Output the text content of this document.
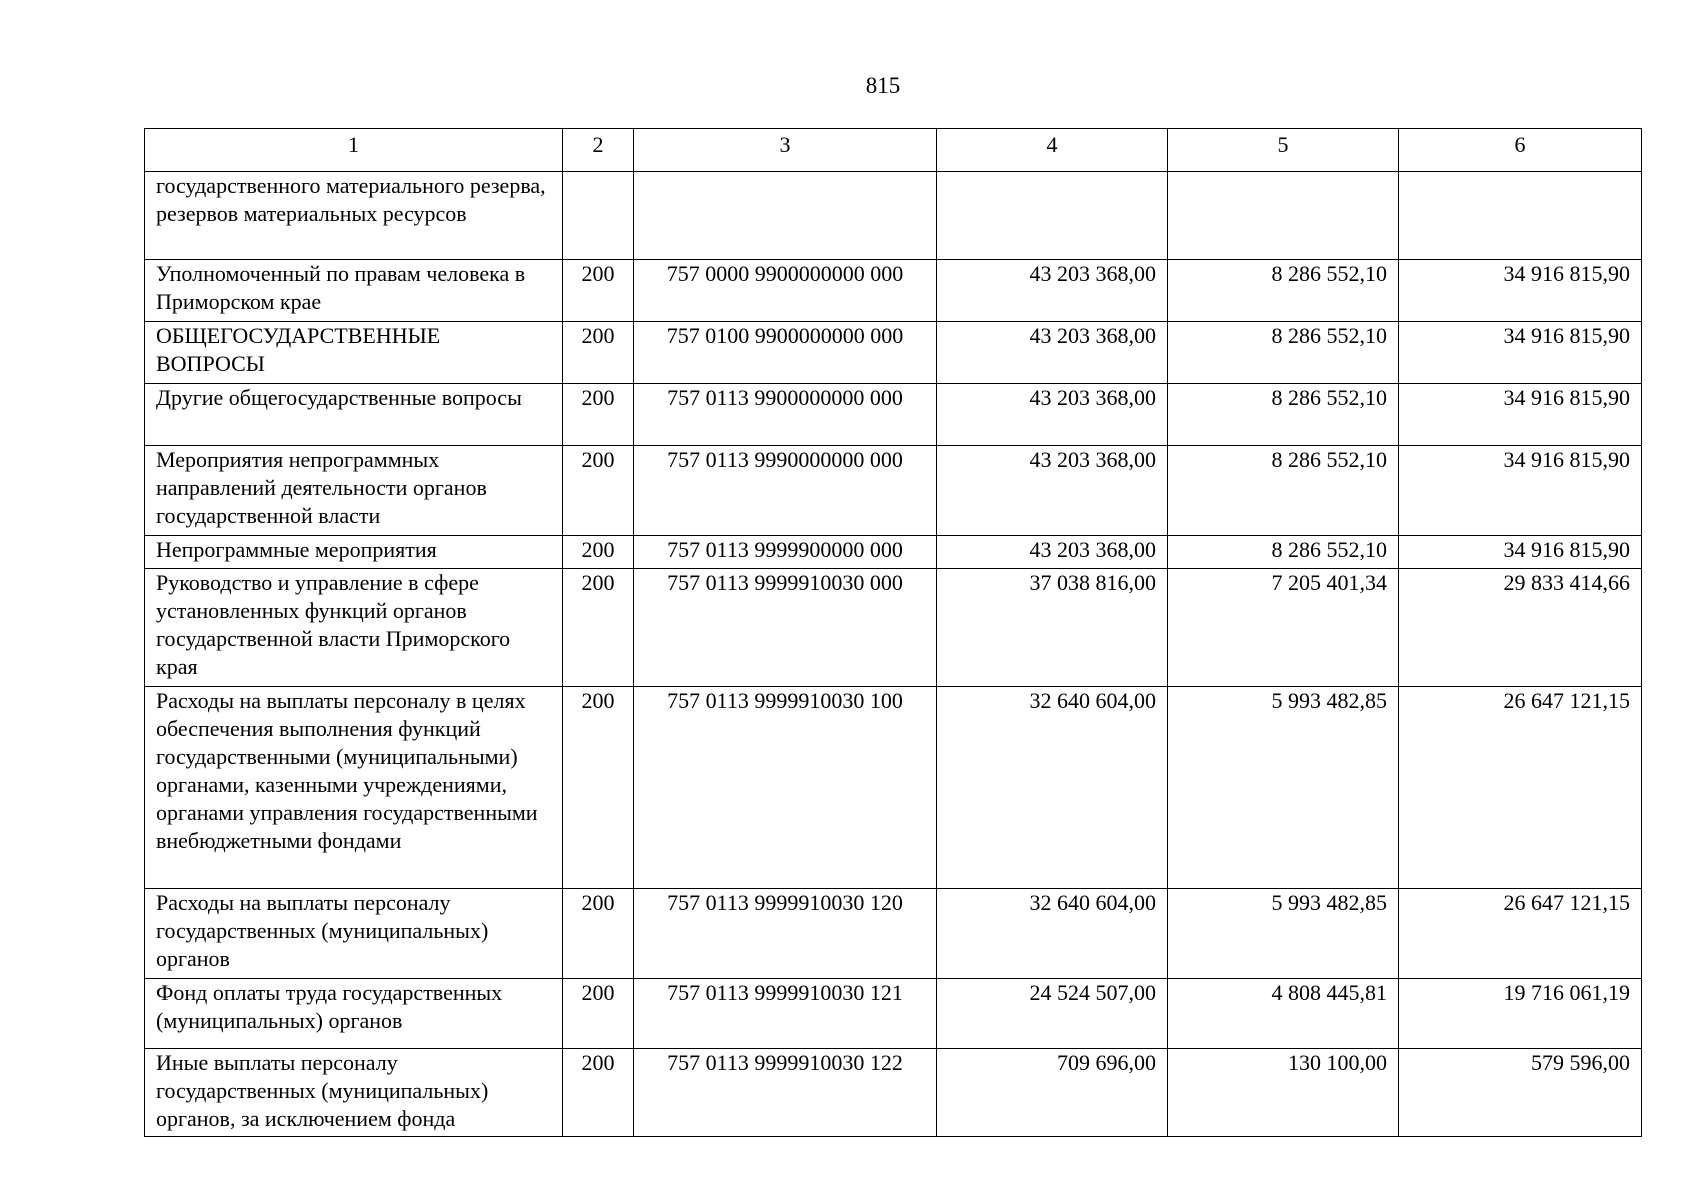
815
1	2	3	4	5	6
государственного материального резерва, резервов материальных ресурсов					
Уполномоченный по правам человека в Приморском крае	200	757 0000 9900000000 000	43 203 368,00	8 286 552,10	34 916 815,90
ОБЩЕГОСУДАРСТВЕННЫЕ ВОПРОСЫ	200	757 0100 9900000000 000	43 203 368,00	8 286 552,10	34 916 815,90
Другие общегосударственные вопросы	200	757 0113 9900000000 000	43 203 368,00	8 286 552,10	34 916 815,90
Мероприятия непрограммных направлений деятельности органов государственной власти	200	757 0113 9990000000 000	43 203 368,00	8 286 552,10	34 916 815,90
Непрограммные мероприятия	200	757 0113 9999900000 000	43 203 368,00	8 286 552,10	34 916 815,90
Руководство и управление в сфере установленных функций органов государственной власти Приморского края	200	757 0113 9999910030 000	37 038 816,00	7 205 401,34	29 833 414,66
Расходы на выплаты персоналу в целях обеспечения выполнения функций государственными (муниципальными) органами, казенными учреждениями, органами управления государственными внебюджетными фондами	200	757 0113 9999910030 100	32 640 604,00	5 993 482,85	26 647 121,15
Расходы на выплаты персоналу государственных (муниципальных) органов	200	757 0113 9999910030 120	32 640 604,00	5 993 482,85	26 647 121,15
Фонд оплаты труда государственных (муниципальных) органов	200	757 0113 9999910030 121	24 524 507,00	4 808 445,81	19 716 061,19
Иные выплаты персоналу государственных (муниципальных) органов, за исключением фонда	200	757 0113 9999910030 122	709 696,00	130 100,00	579 596,00
